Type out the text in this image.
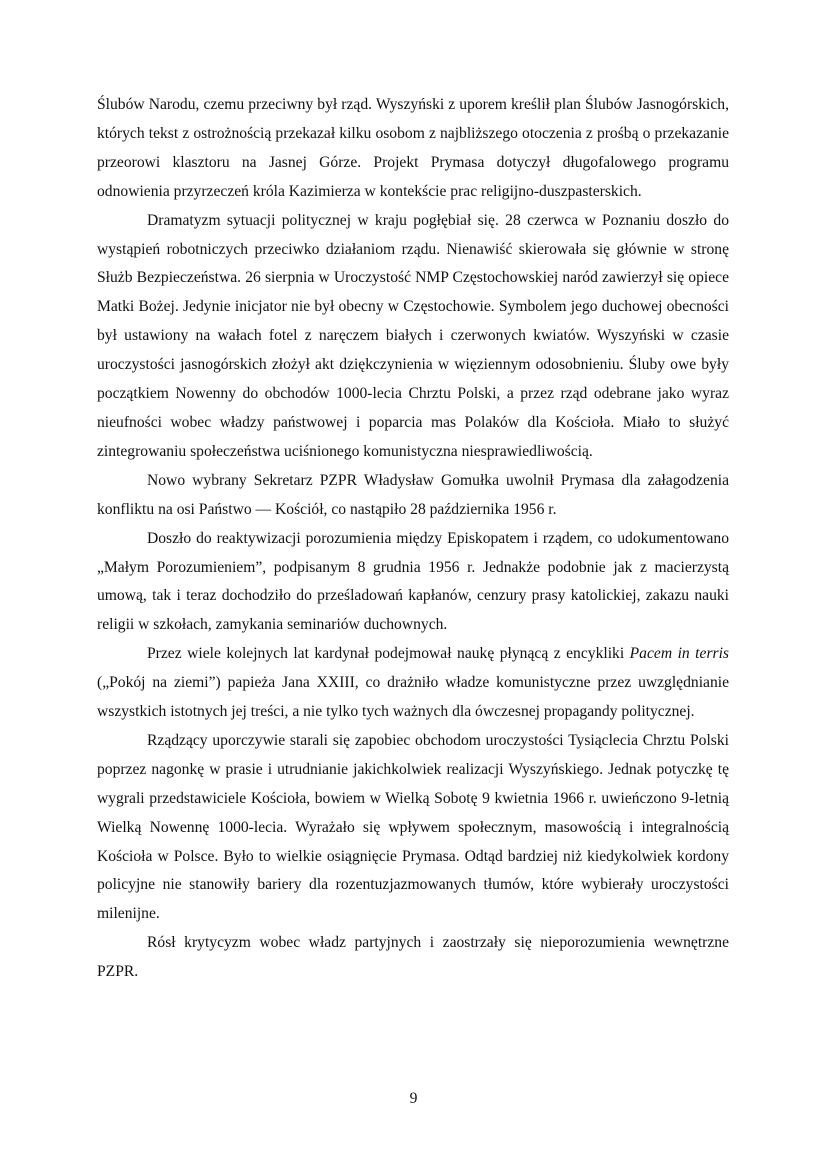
Ślubów Narodu, czemu przeciwny był rząd. Wyszyński z uporem kreślił plan Ślubów Jasnogórskich, których tekst z ostrożnością przekazał kilku osobom z najbliższego otoczenia z prośbą o przekazanie przeorowi klasztoru na Jasnej Górze. Projekt Prymasa dotyczył długofalowego programu odnowienia przyrzeczeń króla Kazimierza w kontekście prac religijno-duszpasterskich.

Dramatyzm sytuacji politycznej w kraju pogłębiał się. 28 czerwca w Poznaniu doszło do wystąpień robotniczych przeciwko działaniom rządu. Nienawiść skierowała się głównie w stronę Służb Bezpieczeństwa. 26 sierpnia w Uroczystość NMP Częstochowskiej naród zawierzył się opiece Matki Bożej. Jedynie inicjator nie był obecny w Częstochowie. Symbolem jego duchowej obecności był ustawiony na wałach fotel z naręczem białych i czerwonych kwiatów. Wyszyński w czasie uroczystości jasnogórskich złożył akt dziękczynienia w więziennym odosobnieniu. Śluby owe były początkiem Nowenny do obchodów 1000-lecia Chrztu Polski, a przez rząd odebrane jako wyraz nieufności wobec władzy państwowej i poparcia mas Polaków dla Kościoła. Miało to służyć zintegrowaniu społeczeństwa uciśnionego komunistyczna niesprawiedliwością.

Nowo wybrany Sekretarz PZPR Władysław Gomułka uwolnił Prymasa dla załagodzenia konfliktu na osi Państwo — Kościół, co nastąpiło 28 października 1956 r.

Doszło do reaktywizacji porozumienia między Episkopatem i rządem, co udokumentowano „Małym Porozumieniem”, podpisanym 8 grudnia 1956 r. Jednakże podobnie jak z macierzystą umową, tak i teraz dochodziło do prześladowań kapłanów, cenzury prasy katolickiej, zakazu nauki religii w szkołach, zamykania seminariów duchownych.

Przez wiele kolejnych lat kardynał podejmował naukę płynącą z encykliki Pacem in terris („Pokój na ziemi”) papieża Jana XXIII, co drażniło władze komunistyczne przez uwzględnianie wszystkich istotnych jej treści, a nie tylko tych ważnych dla ówczesnej propagandy politycznej.

Rządzący uporczywie starali się zapobiec obchodom uroczystości Tysiąclecia Chrztu Polski poprzez nagonkę w prasie i utrudnianie jakichkolwiek realizacji Wyszyńskiego. Jednak potyczkę tę wygrali przedstawiciele Kościoła, bowiem w Wielką Sobotę 9 kwietnia 1966 r. uwieńczono 9-letnią Wielką Nowennę 1000-lecia. Wyrażało się wpływem społecznym, masowością i integralnością Kościoła w Polsce. Było to wielkie osiągnięcie Prymasa. Odtąd bardziej niż kiedykolwiek kordony policyjne nie stanowiły bariery dla rozentuzjazmowanych tłumów, które wybierały uroczystości milenijne.

Rósł krytycyzm wobec władz partyjnych i zaostrzały się nieporozumienia wewnętrzne PZPR.

9
